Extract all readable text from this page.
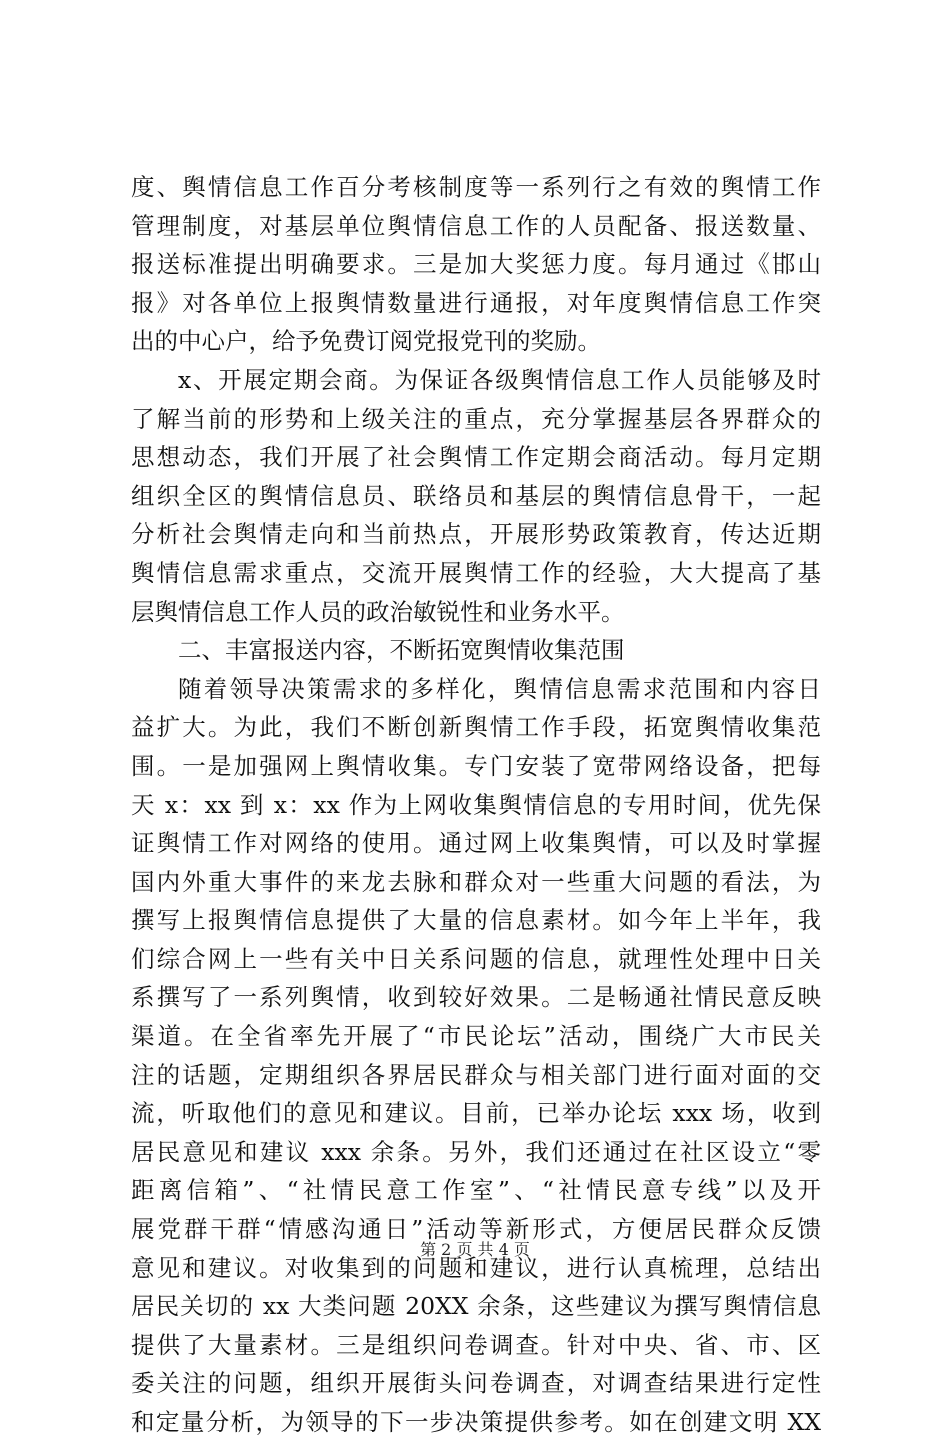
度、舆情信息工作百分考核制度等一系列行之有效的舆情工作
管理制度，对基层单位舆情信息工作的人员配备、报送数量、
报送标准提出明确要求。三是加大奖惩力度。每月通过《邯山
报》对各单位上报舆情数量进行通报，对年度舆情信息工作突
出的中心户，给予免费订阅党报党刊的奖励。
x、开展定期会商。为保证各级舆情信息工作人员能够及时
了解当前的形势和上级关注的重点，充分掌握基层各界群众的
思想动态，我们开展了社会舆情工作定期会商活动。每月定期
组织全区的舆情信息员、联络员和基层的舆情信息骨干，一起
分析社会舆情走向和当前热点，开展形势政策教育，传达近期
舆情信息需求重点，交流开展舆情工作的经验，大大提高了基
层舆情信息工作人员的政治敏锐性和业务水平。
二、丰富报送内容，不断拓宽舆情收集范围
随着领导决策需求的多样化，舆情信息需求范围和内容日
益扩大。为此，我们不断创新舆情工作手段，拓宽舆情收集范
围。一是加强网上舆情收集。专门安装了宽带网络设备，把每
天 x：xx 到 x：xx 作为上网收集舆情信息的专用时间，优先保
证舆情工作对网络的使用。通过网上收集舆情，可以及时掌握
国内外重大事件的来龙去脉和群众对一些重大问题的看法，为
撰写上报舆情信息提供了大量的信息素材。如今年上半年，我
们综合网上一些有关中日关系问题的信息，就理性处理中日关
系撰写了一系列舆情，收到较好效果。二是畅通社情民意反映
渠道。在全省率先开展了“市民论坛”活动，围绕广大市民关
注的话题，定期组织各界居民群众与相关部门进行面对面的交
流，听取他们的意见和建议。目前，已举办论坛 xxx 场，收到
居民意见和建议 xxx 余条。另外，我们还通过在社区设立“零
距离信箱”、“社情民意工作室”、“社情民意专线”以及开
展党群干群“情感沟通日”活动等新形式，方便居民群众反馈
意见和建议。对收集到的问题和建议，进行认真梳理，总结出
居民关切的 xx 大类问题 20XX 余条，这些建议为撰写舆情信息
提供了大量素材。三是组织问卷调查。针对中央、省、市、区
委关注的问题，组织开展街头问卷调查，对调查结果进行定性
和定量分析，为领导的下一步决策提供参考。如在创建文明 XX
第 2 页 共 4 页
